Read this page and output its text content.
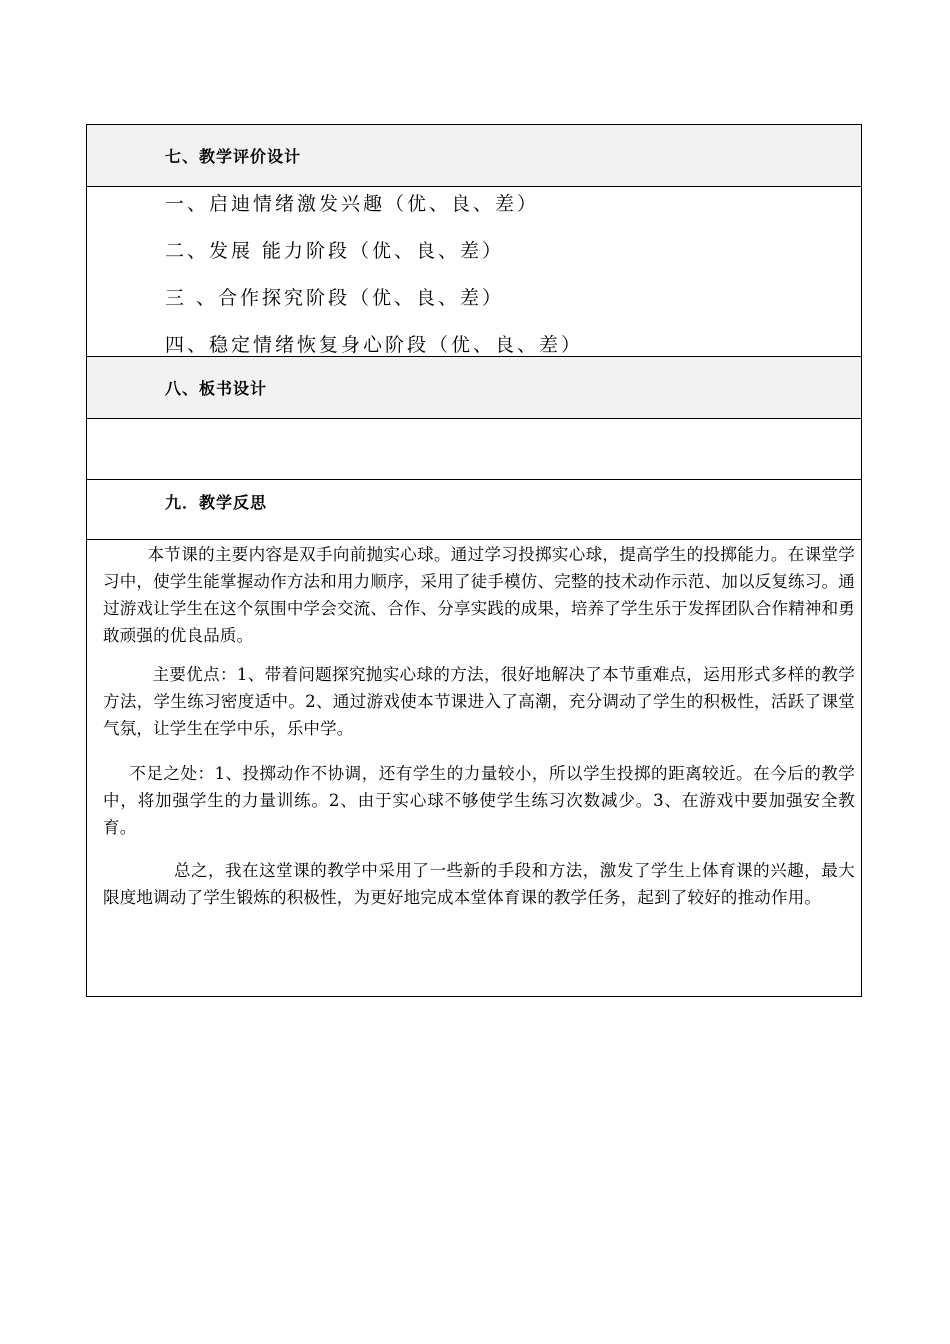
七、教学评价设计
一、启迪情绪激发兴趣（优、良、差）
二、发展 能力阶段（优、良、差）
三 、合作探究阶段（优、良、差）
四、稳定情绪恢复身心阶段（优、良、差）
八、板书设计
九．教学反思
本节课的主要内容是双手向前抛实心球。通过学习投掷实心球，提高学生的投掷能力。在课堂学习中，使学生能掌握动作方法和用力顺序，采用了徒手模仿、完整的技术动作示范、加以反复练习。通过游戏让学生在这个氛围中学会交流、合作、分享实践的成果，培养了学生乐于发挥团队合作精神和勇敢顽强的优良品质。
主要优点：1、带着问题探究抛实心球的方法，很好地解决了本节重难点，运用形式多样的教学方法，学生练习密度适中。2、通过游戏使本节课进入了高潮，充分调动了学生的积极性，活跃了课堂气氛，让学生在学中乐，乐中学。
不足之处：1、投掷动作不协调，还有学生的力量较小，所以学生投掷的距离较近。在今后的教学中，将加强学生的力量训练。2、由于实心球不够使学生练习次数减少。3、在游戏中要加强安全教育。
总之，我在这堂课的教学中采用了一些新的手段和方法，激发了学生上体育课的兴趣，最大限度地调动了学生锻炼的积极性，为更好地完成本堂体育课的教学任务，起到了较好的推动作用。
